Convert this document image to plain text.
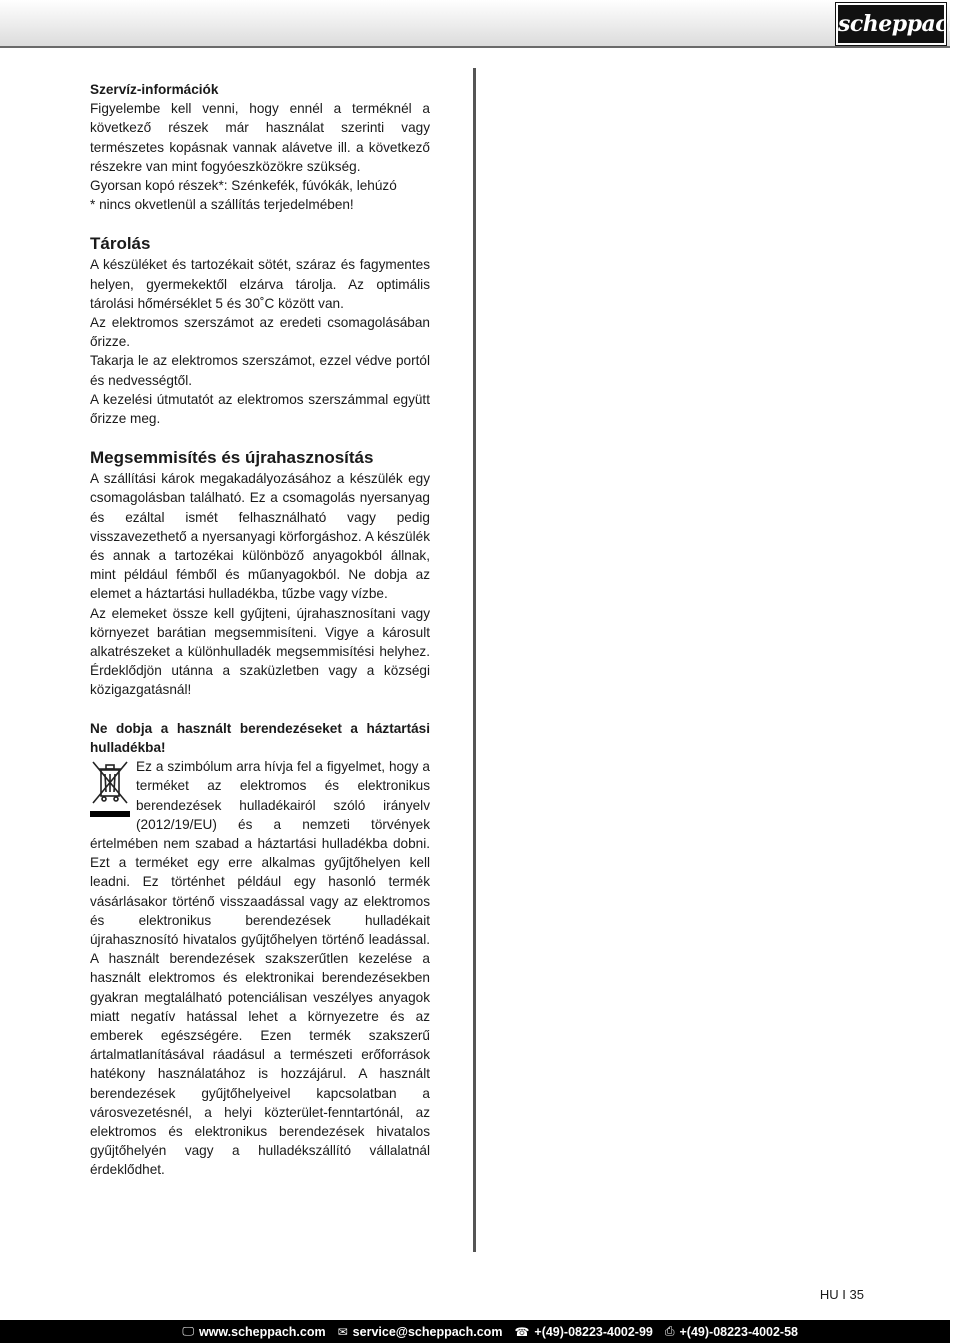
scheppach

Szervíz-információk

Figyelembe kell venni, hogy ennél a terméknél a következő részek már használat szerinti vagy természetes kopásnak vannak alávetve ill. a következő részekre van mint fogyóeszközökre szükség.

Gyorsan kopó részek*: Szénkefék, fúvókák, lehúzó

* nincs okvetlenül a szállítás terjedelmében!

Tárolás

A készüléket és tartozékait sötét, száraz és fagymentes helyen, gyermekektől elzárva tárolja. Az optimális tárolási hőmérséklet 5 és 30˚C között van.

Az elektromos szerszámot az eredeti csomagolásában őrizze.

Takarja le az elektromos szerszámot, ezzel védve portól és nedvességtől.

A kezelési útmutatót az elektromos szerszámmal együtt őrizze meg.

Megsemmisítés és újrahasznosítás

A szállítási károk megakadályozásához a készülék egy csomagolásban található. Ez a csomagolás nyersanyag és ezáltal ismét felhasználható vagy pedig visszavezethető a nyersanyagi körforgáshoz. A készülék és annak a tartozékai különböző anyagokból állnak, mint például fémből és műanyagokból. Ne dobja az elemet a háztartási hulladékba, tűzbe vagy vízbe.

Az elemeket össze kell gyűjteni, újrahasznosítani vagy környezet barátian megsemmisíteni. Vigye a károsult alkatrészeket a különhulladék megsemmisítési helyhez. Érdeklődjön utánna a szaküzletben vagy a községi közigazgatásnál!

Ne dobja a használt berendezéseket a háztartási hulladékba!

Ez a szimbólum arra hívja fel a figyelmet, hogy a terméket az elektromos és elektronikus berendezések hulladékairól szóló irányelv (2012/19/EU) és a nemzeti törvények értelmében nem szabad a háztartási hulladékba dobni. Ezt a terméket egy erre alkalmas gyűjtőhelyen kell leadni. Ez történhet például egy hasonló termék vásárlásakor történő visszaadással vagy az elektromos és elektronikus berendezések hulladékait újrahasznosító hivatalos gyűjtőhelyen történő leadással. A használt berendezések szakszerűtlen kezelése a használt elektromos és elektronikai berendezésekben gyakran megtalálható potenciálisan veszélyes anyagok miatt negatív hatással lehet a környezetre és az emberek egészségére. Ezen termék szakszerű ártalmatlanításával ráadásul a természeti erőforrások hatékony használatához is hozzájárul. A használt berendezések gyűjtőhelyeivel kapcsolatban a városvezetésnél, a helyi közterület-fenntartónál, az elektromos és elektronikus berendezések hivatalos gyűjtőhelyén vagy a hulladékszállító vállalatnál érdeklődhet.

HU I 35
🖵 www.scheppach.com ✉ service@scheppach.com ☎ +(49)-08223-4002-99 ⎙ +(49)-08223-4002-58
